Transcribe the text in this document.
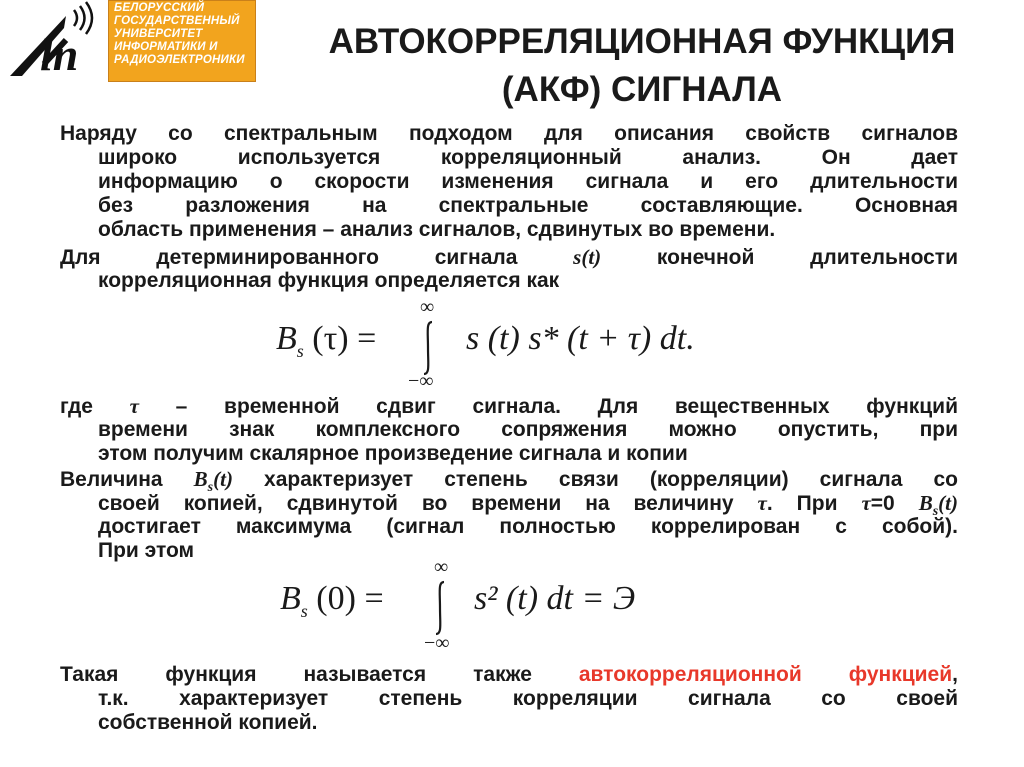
ln
БЕЛОРУССКИЙ
ГОСУДАРСТВЕННЫЙ
УНИВЕРСИТЕТ
ИНФОРМАТИКИ И
РАДИОЭЛЕКТРОНИКИ	АВТОКОРРЕЛЯЦИОННАЯ ФУНКЦИЯ
(АКФ) СИГНАЛА
Наряду со спектральным подходом для описания свойств сигналов
широко используется корреляционный анализ. Он дает
информацию о скорости изменения сигнала и его длительности
без разложения на спектральные составляющие. Основная
область применения – анализ сигналов, сдвинутых во времени.
Для детерминированного сигнала	s(t)	конечной длительности
корреляционная функция определяется как
$B_s$ (τ) =
∞
−∞
s (t) s* (t + τ) dt.
где τ – временной сдвиг сигнала. Для вещественных функций
времени знак комплексного сопряжения можно опустить, при
этом получим скалярное произведение сигнала и копии
Величина $B_s(t)$ характеризует степень связи (корреляции) сигнала со
своей копией, сдвинутой во времени на величину τ. При τ=0 $B_s(t)$
достигает максимума (сигнал полностью коррелирован с собой).
При этом
$B_s$ (0) =
∞
−∞
s² (t) dt = Э
Такая функция называется также автокорреляционной функцией,
т.к. характеризует степень корреляции сигнала со своей
собственной копией.
